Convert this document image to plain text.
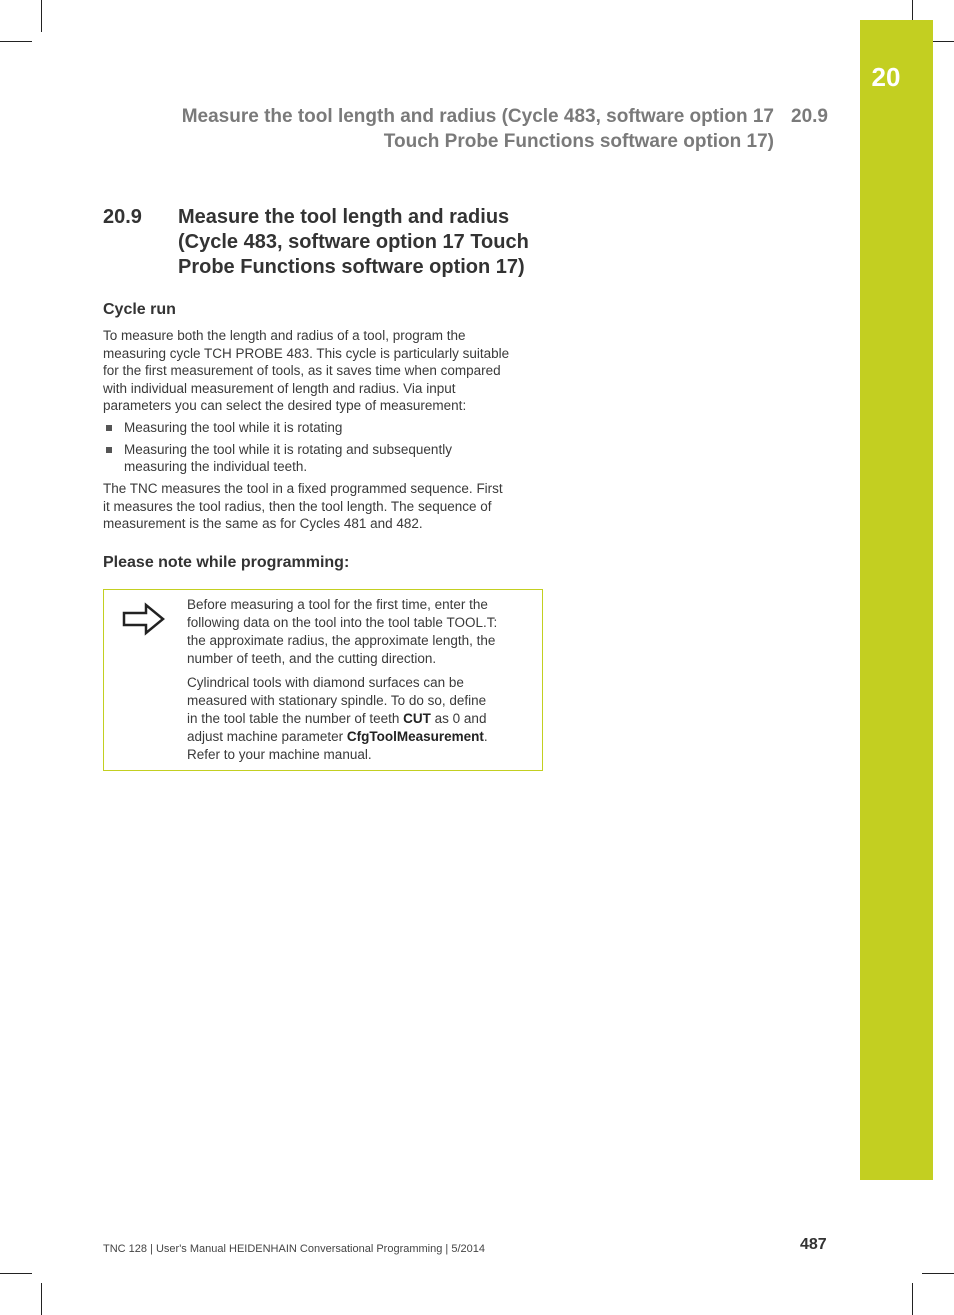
20
Measure the tool length and radius (Cycle 483, software option 17
Touch Probe Functions software option 17)
20.9
20.9 Measure the tool length and radius
(Cycle 483, software option 17 Touch
Probe Functions software option 17)
Cycle run
To measure both the length and radius of a tool, program the
measuring cycle TCH PROBE 483. This cycle is particularly suitable
for the first measurement of tools, as it saves time when compared
with individual measurement of length and radius. Via input
parameters you can select the desired type of measurement:
Measuring the tool while it is rotating
Measuring the tool while it is rotating and subsequently
measuring the individual teeth.
The TNC measures the tool in a fixed programmed sequence. First
it measures the tool radius, then the tool length. The sequence of
measurement is the same as for Cycles 481 and 482.
Please note while programming:

Before measuring a tool for the first time, enter the
following data on the tool into the tool table TOOL.T:
the approximate radius, the approximate length, the
number of teeth, and the cutting direction.

Cylindrical tools with diamond surfaces can be
measured with stationary spindle. To do so, define
in the tool table the number of teeth CUT as 0 and
adjust machine parameter CfgToolMeasurement.
Refer to your machine manual.

TNC 128 | User's Manual HEIDENHAIN Conversational Programming | 5/2014	487
